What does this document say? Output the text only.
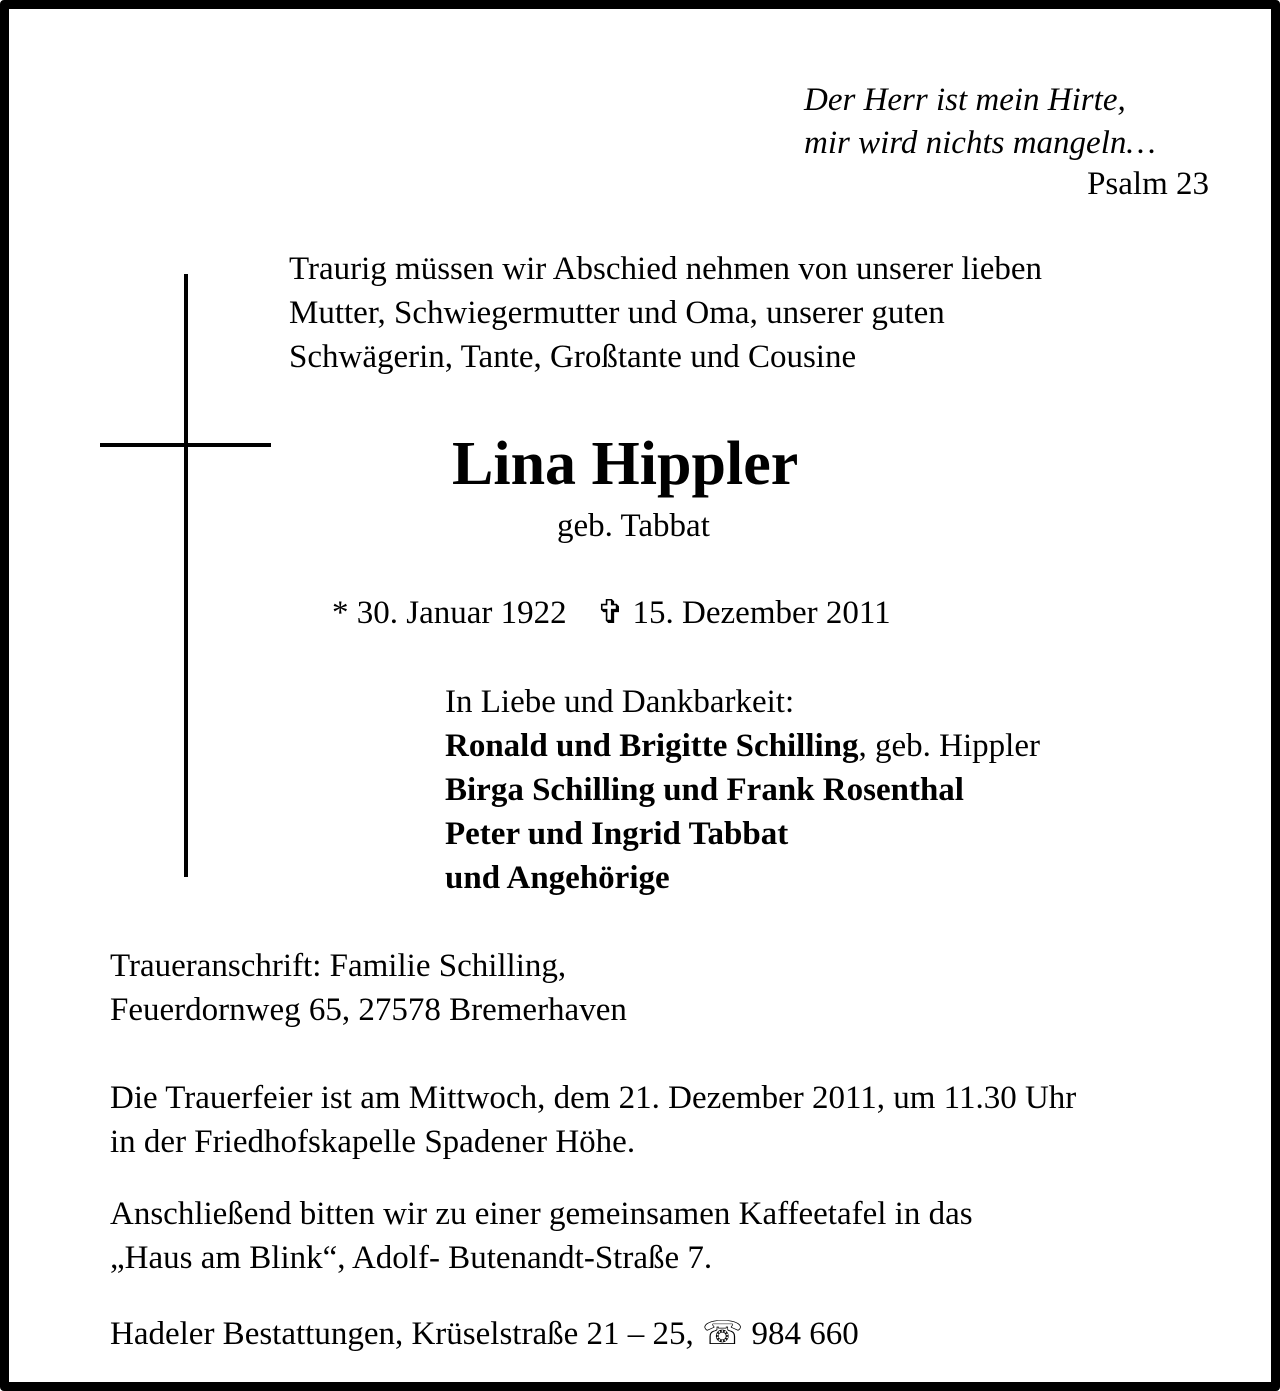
Der Herr ist mein Hirte,
mir wird nichts mangeln…
Psalm 23
Traurig müssen wir Abschied nehmen von unserer lieben
Mutter, Schwiegermutter und Oma, unserer guten
Schwägerin, Tante, Großtante und Cousine
Lina Hippler
geb. Tabbat
* 30. Januar 1922 ✞ 15. Dezember 2011
In Liebe und Dankbarkeit:
Ronald und Brigitte Schilling, geb. Hippler
Birga Schilling und Frank Rosenthal
Peter und Ingrid Tabbat
und Angehörige
Traueranschrift: Familie Schilling,
Feuerdornweg 65, 27578 Bremerhaven
Die Trauerfeier ist am Mittwoch, dem 21. Dezember 2011, um 11.30 Uhr
in der Friedhofskapelle Spadener Höhe.
Anschließend bitten wir zu einer gemeinsamen Kaffeetafel in das
„Haus am Blink“, Adolf- Butenandt-Straße 7.
Hadeler Bestattungen, Krüselstraße 21 – 25, ☏ 984 660
